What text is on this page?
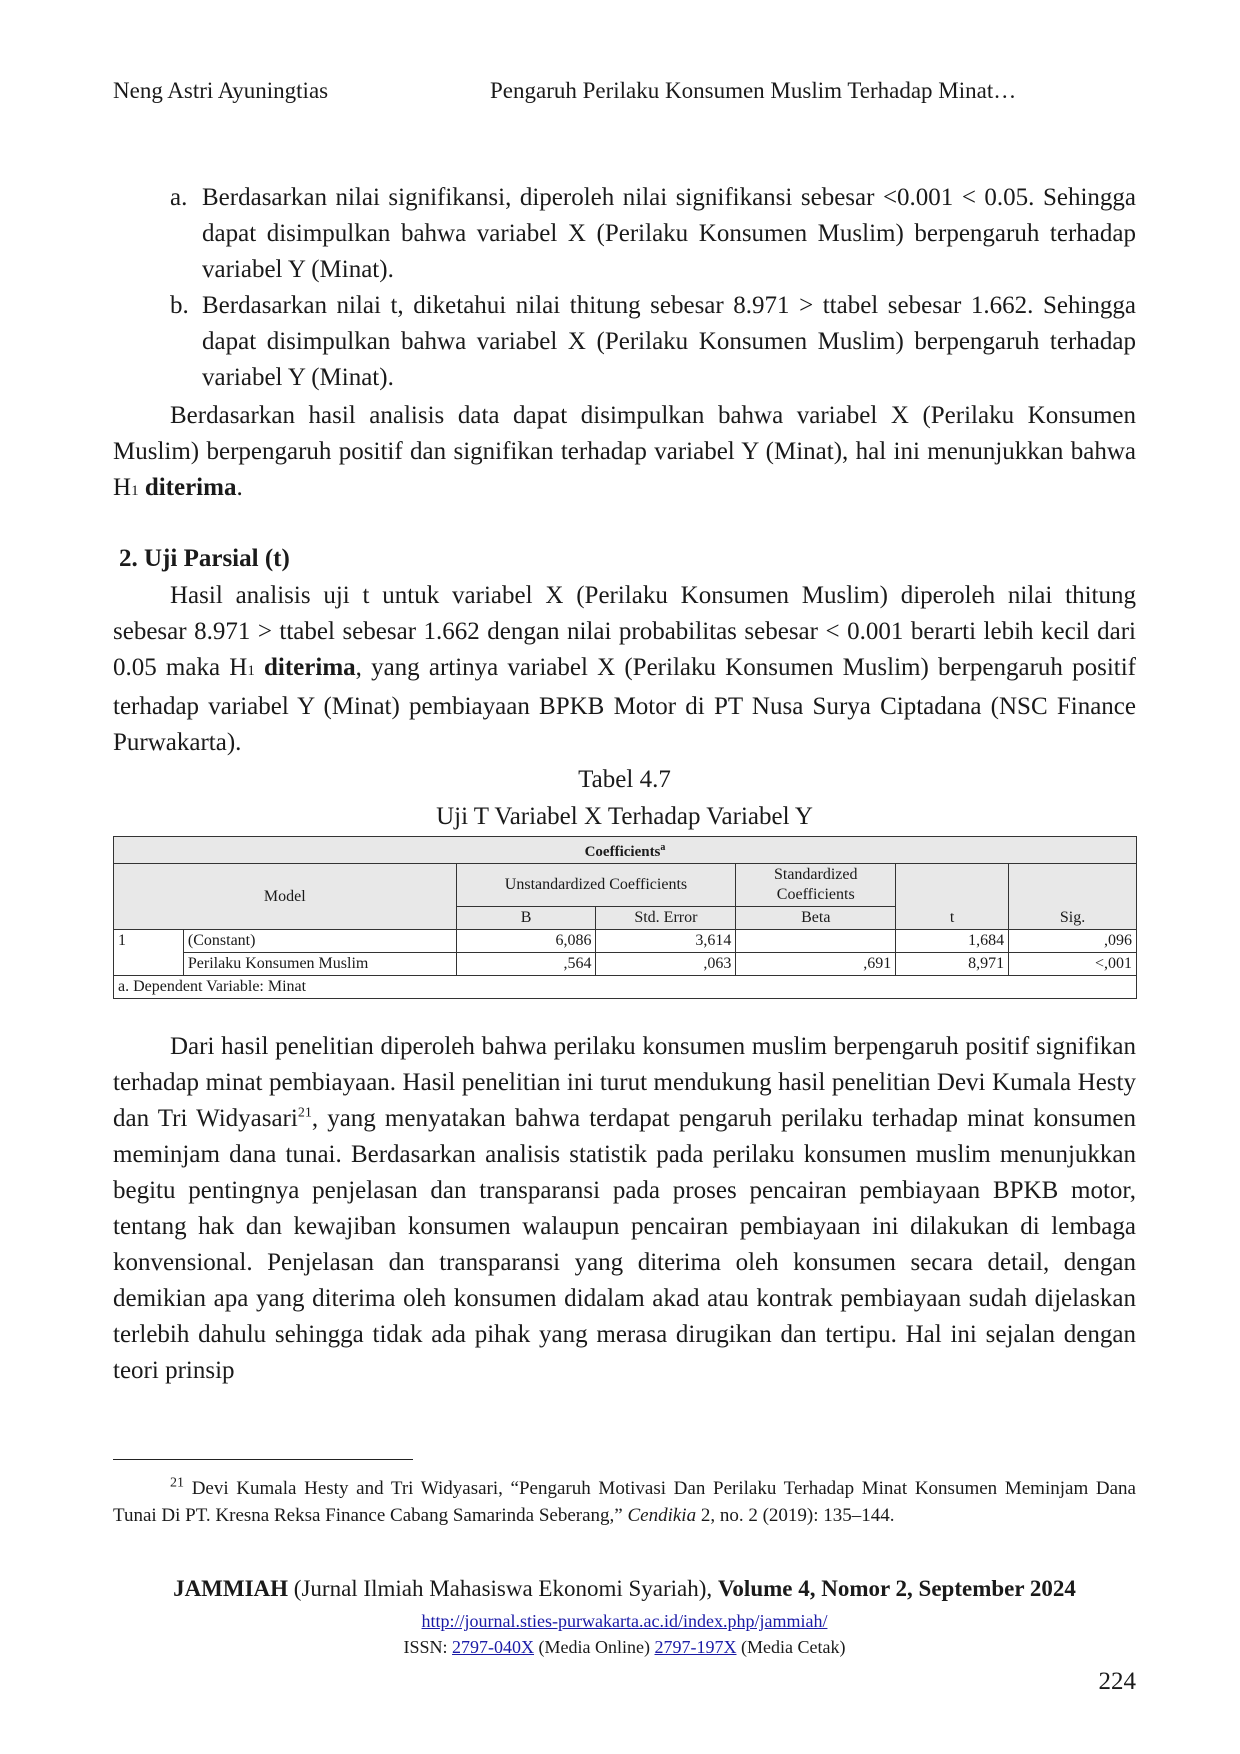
Neng Astri Ayuningtias	Pengaruh Perilaku Konsumen Muslim Terhadap Minat…
a. Berdasarkan nilai signifikansi, diperoleh nilai signifikansi sebesar <0.001 < 0.05. Sehingga dapat disimpulkan bahwa variabel X (Perilaku Konsumen Muslim) berpengaruh terhadap variabel Y (Minat).
b. Berdasarkan nilai t, diketahui nilai thitung sebesar 8.971 > ttabel sebesar 1.662. Sehingga dapat disimpulkan bahwa variabel X (Perilaku Konsumen Muslim) berpengaruh terhadap variabel Y (Minat).

Berdasarkan hasil analisis data dapat disimpulkan bahwa variabel X (Perilaku Konsumen Muslim) berpengaruh positif dan signifikan terhadap variabel Y (Minat), hal ini menunjukkan bahwa H1 diterima.

2. Uji Parsial (t)

Hasil analisis uji t untuk variabel X (Perilaku Konsumen Muslim) diperoleh nilai thitung sebesar 8.971 > ttabel sebesar 1.662 dengan nilai probabilitas sebesar < 0.001 berarti lebih kecil dari 0.05 maka H1 diterima, yang artinya variabel X (Perilaku Konsumen Muslim) berpengaruh positif terhadap variabel Y (Minat) pembiayaan BPKB Motor di PT Nusa Surya Ciptadana (NSC Finance Purwakarta).

Tabel 4.7

Uji T Variabel X Terhadap Variabel Y

Coefficients$^a$
Model		Unstandardized Coefficients		Standardized Coefficients	t	Sig.

		B	Std. Error	Beta		
1	(Constant)	6,086	3,614		1,684	,096
	Perilaku Konsumen Muslim	,564	,063	,691	8,971	<,001
a. Dependent Variable: Minat						

Dari hasil penelitian diperoleh bahwa perilaku konsumen muslim berpengaruh positif signifikan terhadap minat pembiayaan. Hasil penelitian ini turut mendukung hasil penelitian Devi Kumala Hesty dan Tri Widyasari$^{21}$, yang menyatakan bahwa terdapat pengaruh perilaku terhadap minat konsumen meminjam dana tunai. Berdasarkan analisis statistik pada perilaku konsumen muslim menunjukkan begitu pentingnya penjelasan dan transparansi pada proses pencairan pembiayaan BPKB motor, tentang hak dan kewajiban konsumen walaupun pencairan pembiayaan ini dilakukan di lembaga konvensional. Penjelasan dan transparansi yang diterima oleh konsumen secara detail, dengan demikian apa yang diterima oleh konsumen didalam akad atau kontrak pembiayaan sudah dijelaskan terlebih dahulu sehingga tidak ada pihak yang merasa dirugikan dan tertipu. Hal ini sejalan dengan teori prinsip

$^{21}$ Devi Kumala Hesty and Tri Widyasari, “Pengaruh Motivasi Dan Perilaku Terhadap Minat Konsumen Meminjam Dana Tunai Di PT. Kresna Reksa Finance Cabang Samarinda Seberang,” Cendikia 2, no. 2 (2019): 135–144.

JAMMIAH (Jurnal Ilmiah Mahasiswa Ekonomi Syariah), Volume 4, Nomor 2, September 2024

http://journal.sties-purwakarta.ac.id/index.php/jammiah/

ISSN: 2797-040X (Media Online) 2797-197X (Media Cetak)

224
